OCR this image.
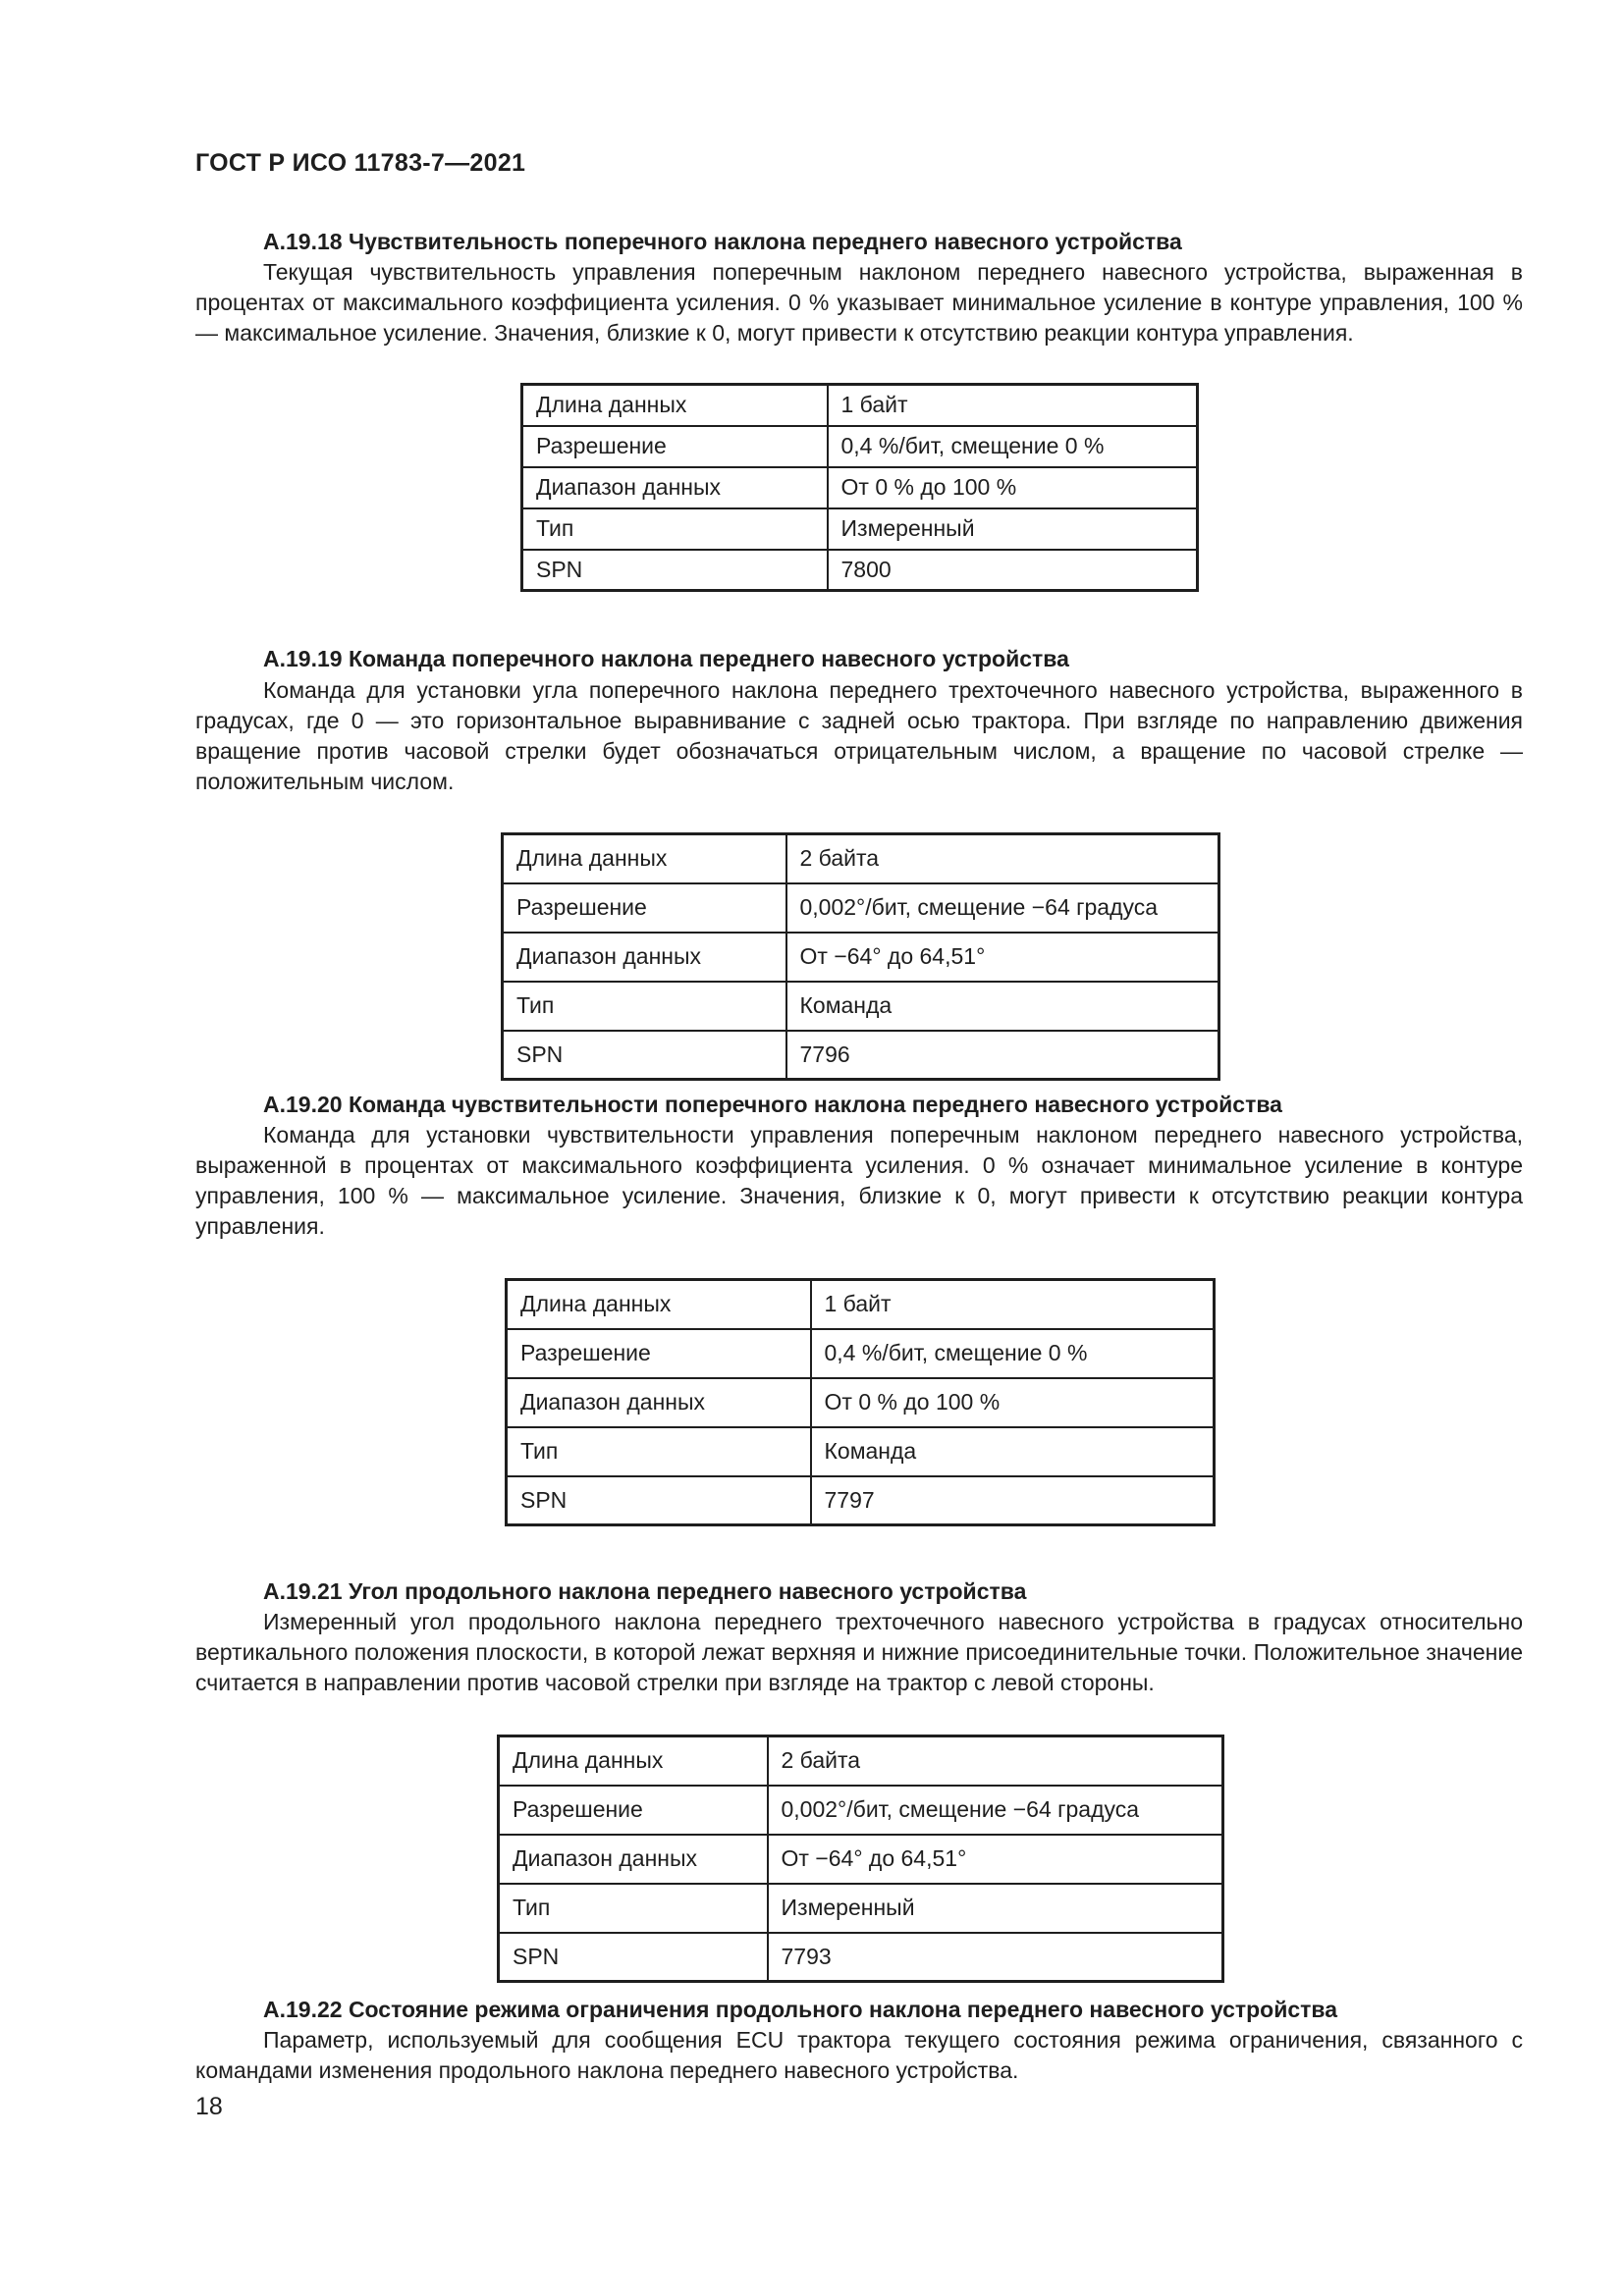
ГОСТ Р ИСО 11783-7—2021
А.19.18 Чувствительность поперечного наклона переднего навесного устройства

Текущая чувствительность управления поперечным наклоном переднего навесного устройства, выраженная в процентах от максимального коэффициента усиления. 0 % указывает минимальное усиление в контуре управления, 100 % — максимальное усиление. Значения, близкие к 0, могут привести к отсутствию реакции контура управления.

Длина данных	1 байт
Разрешение	0,4 %/бит, смещение 0 %
Диапазон данных	От 0 % до 100 %
Тип	Измеренный
SPN	7800
А.19.19 Команда поперечного наклона переднего навесного устройства

Команда для установки угла поперечного наклона переднего трехточечного навесного устройства, выраженного в градусах, где 0 — это горизонтальное выравнивание с задней осью трактора. При взгляде по направлению движения вращение против часовой стрелки будет обозначаться отрицательным числом, а вращение по часовой стрелке — положительным числом.

Длина данных	2 байта
Разрешение	0,002°/бит, смещение −64 градуса
Диапазон данных	От −64° до 64,51°
Тип	Команда
SPN	7796
А.19.20 Команда чувствительности поперечного наклона переднего навесного устройства

Команда для установки чувствительности управления поперечным наклоном переднего навесного устройства, выраженной в процентах от максимального коэффициента усиления. 0 % означает минимальное усиление в контуре управления, 100 % — максимальное усиление. Значения, близкие к 0, могут привести к отсутствию реакции контура управления.

Длина данных	1 байт
Разрешение	0,4 %/бит, смещение 0 %
Диапазон данных	От 0 % до 100 %
Тип	Команда
SPN	7797
А.19.21 Угол продольного наклона переднего навесного устройства

Измеренный угол продольного наклона переднего трехточечного навесного устройства в градусах относительно вертикального положения плоскости, в которой лежат верхняя и нижние присоединительные точки. Положительное значение считается в направлении против часовой стрелки при взгляде на трактор с левой стороны.

Длина данных	2 байта
Разрешение	0,002°/бит, смещение −64 градуса
Диапазон данных	От −64° до 64,51°
Тип	Измеренный
SPN	7793
А.19.22 Состояние режима ограничения продольного наклона переднего навесного устройства

Параметр, используемый для сообщения ECU трактора текущего состояния режима ограничения, связанного с командами изменения продольного наклона переднего навесного устройства.

18
